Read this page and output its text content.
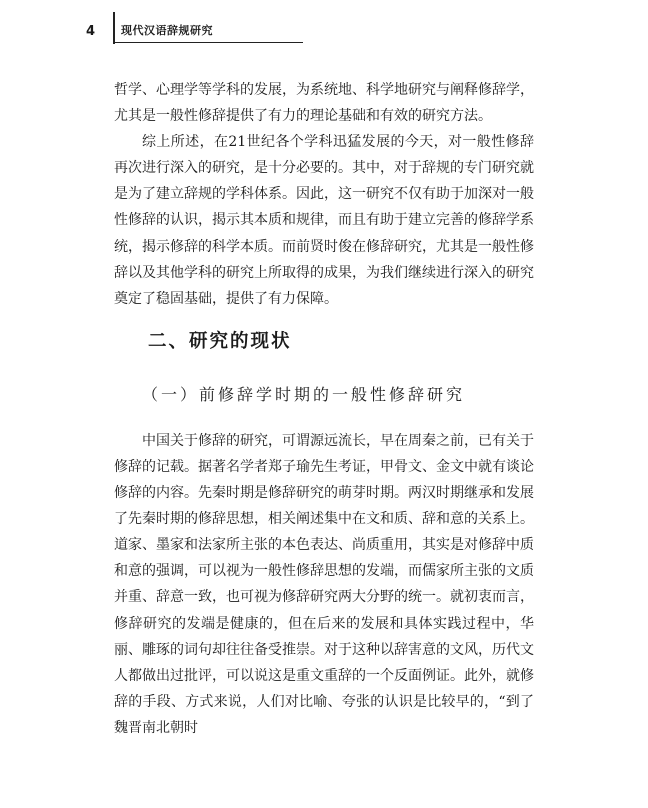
4 现代汉语辞规研究

哲学、心理学等学科的发展，为系统地、科学地研究与阐释修辞学，尤其是一般性修辞提供了有力的理论基础和有效的研究方法。

综上所述，在21世纪各个学科迅猛发展的今天，对一般性修辞再次进行深入的研究，是十分必要的。其中，对于辞规的专门研究就是为了建立辞规的学科体系。因此，这一研究不仅有助于加深对一般性修辞的认识，揭示其本质和规律，而且有助于建立完善的修辞学系统，揭示修辞的科学本质。而前贤时俊在修辞研究，尤其是一般性修辞以及其他学科的研究上所取得的成果，为我们继续进行深入的研究奠定了稳固基础，提供了有力保障。

二、研究的现状
（一）前修辞学时期的一般性修辞研究

中国关于修辞的研究，可谓源远流长，早在周秦之前，已有关于修辞的记载。据著名学者郑子瑜先生考证，甲骨文、金文中就有谈论修辞的内容。先秦时期是修辞研究的萌芽时期。两汉时期继承和发展了先秦时期的修辞思想，相关阐述集中在文和质、辞和意的关系上。道家、墨家和法家所主张的本色表达、尚质重用，其实是对修辞中质和意的强调，可以视为一般性修辞思想的发端，而儒家所主张的文质并重、辞意一致，也可视为修辞研究两大分野的统一。就初衷而言，修辞研究的发端是健康的，但在后来的发展和具体实践过程中，华丽、雕琢的词句却往往备受推崇。对于这种以辞害意的文风，历代文人都做出过批评，可以说这是重文重辞的一个反面例证。此外，就修辞的手段、方式来说，人们对比喻、夸张的认识是比较早的，“到了魏晋南北朝时
